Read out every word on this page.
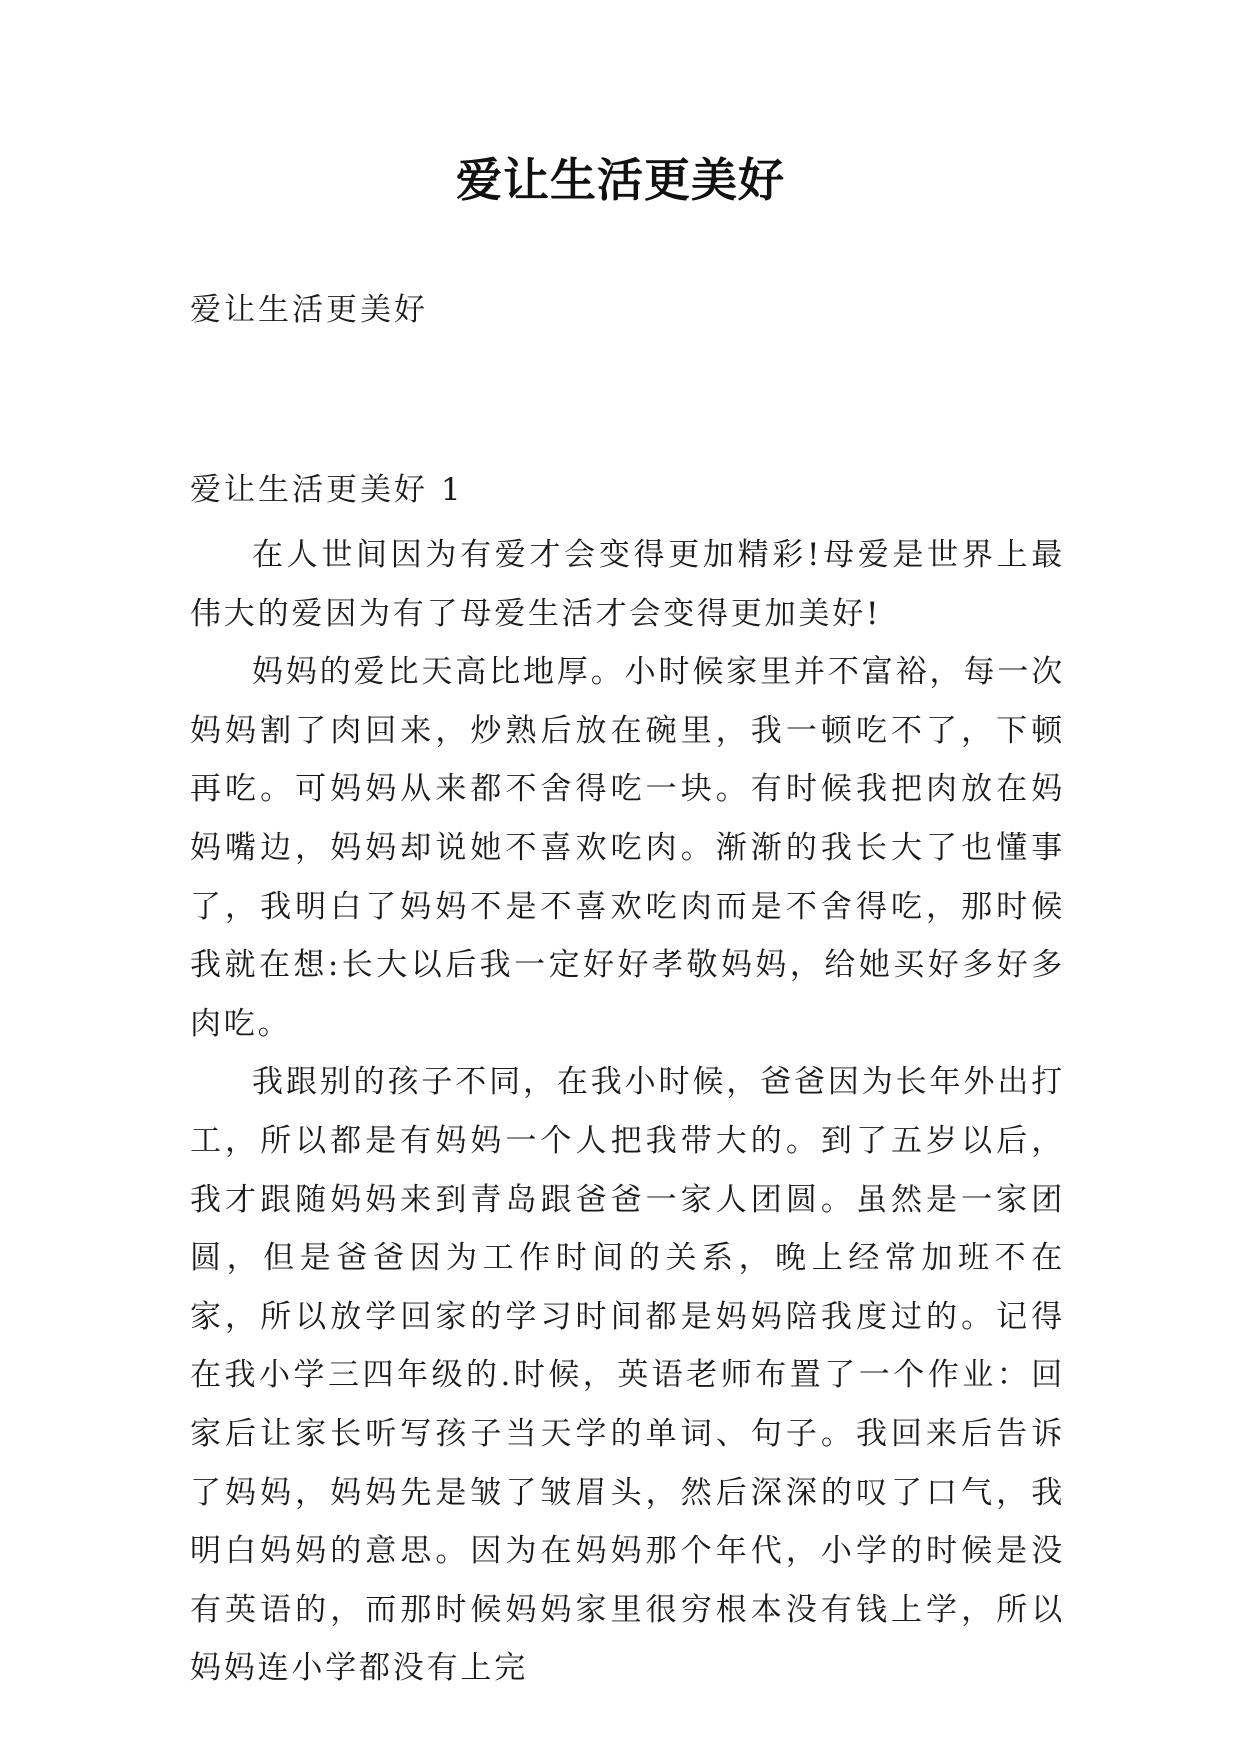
爱让生活更美好
爱让生活更美好
爱让生活更美好 1

在人世间因为有爱才会变得更加精彩!母爱是世界上最伟大的爱因为有了母爱生活才会变得更加美好!

妈妈的爱比天高比地厚。小时候家里并不富裕，每一次妈妈割了肉回来，炒熟后放在碗里，我一顿吃不了，下顿再吃。可妈妈从来都不舍得吃一块。有时候我把肉放在妈妈嘴边，妈妈却说她不喜欢吃肉。渐渐的我长大了也懂事了，我明白了妈妈不是不喜欢吃肉而是不舍得吃，那时候我就在想:长大以后我一定好好孝敬妈妈，给她买好多好多肉吃。

我跟别的孩子不同，在我小时候，爸爸因为长年外出打工，所以都是有妈妈一个人把我带大的。到了五岁以后，我才跟随妈妈来到青岛跟爸爸一家人团圆。虽然是一家团圆，但是爸爸因为工作时间的关系，晚上经常加班不在家，所以放学回家的学习时间都是妈妈陪我度过的。记得在我小学三四年级的.时候，英语老师布置了一个作业：回家后让家长听写孩子当天学的单词、句子。我回来后告诉了妈妈，妈妈先是皱了皱眉头，然后深深的叹了口气，我明白妈妈的意思。因为在妈妈那个年代，小学的时候是没有英语的，而那时候妈妈家里很穷根本没有钱上学，所以妈妈连小学都没有上完
